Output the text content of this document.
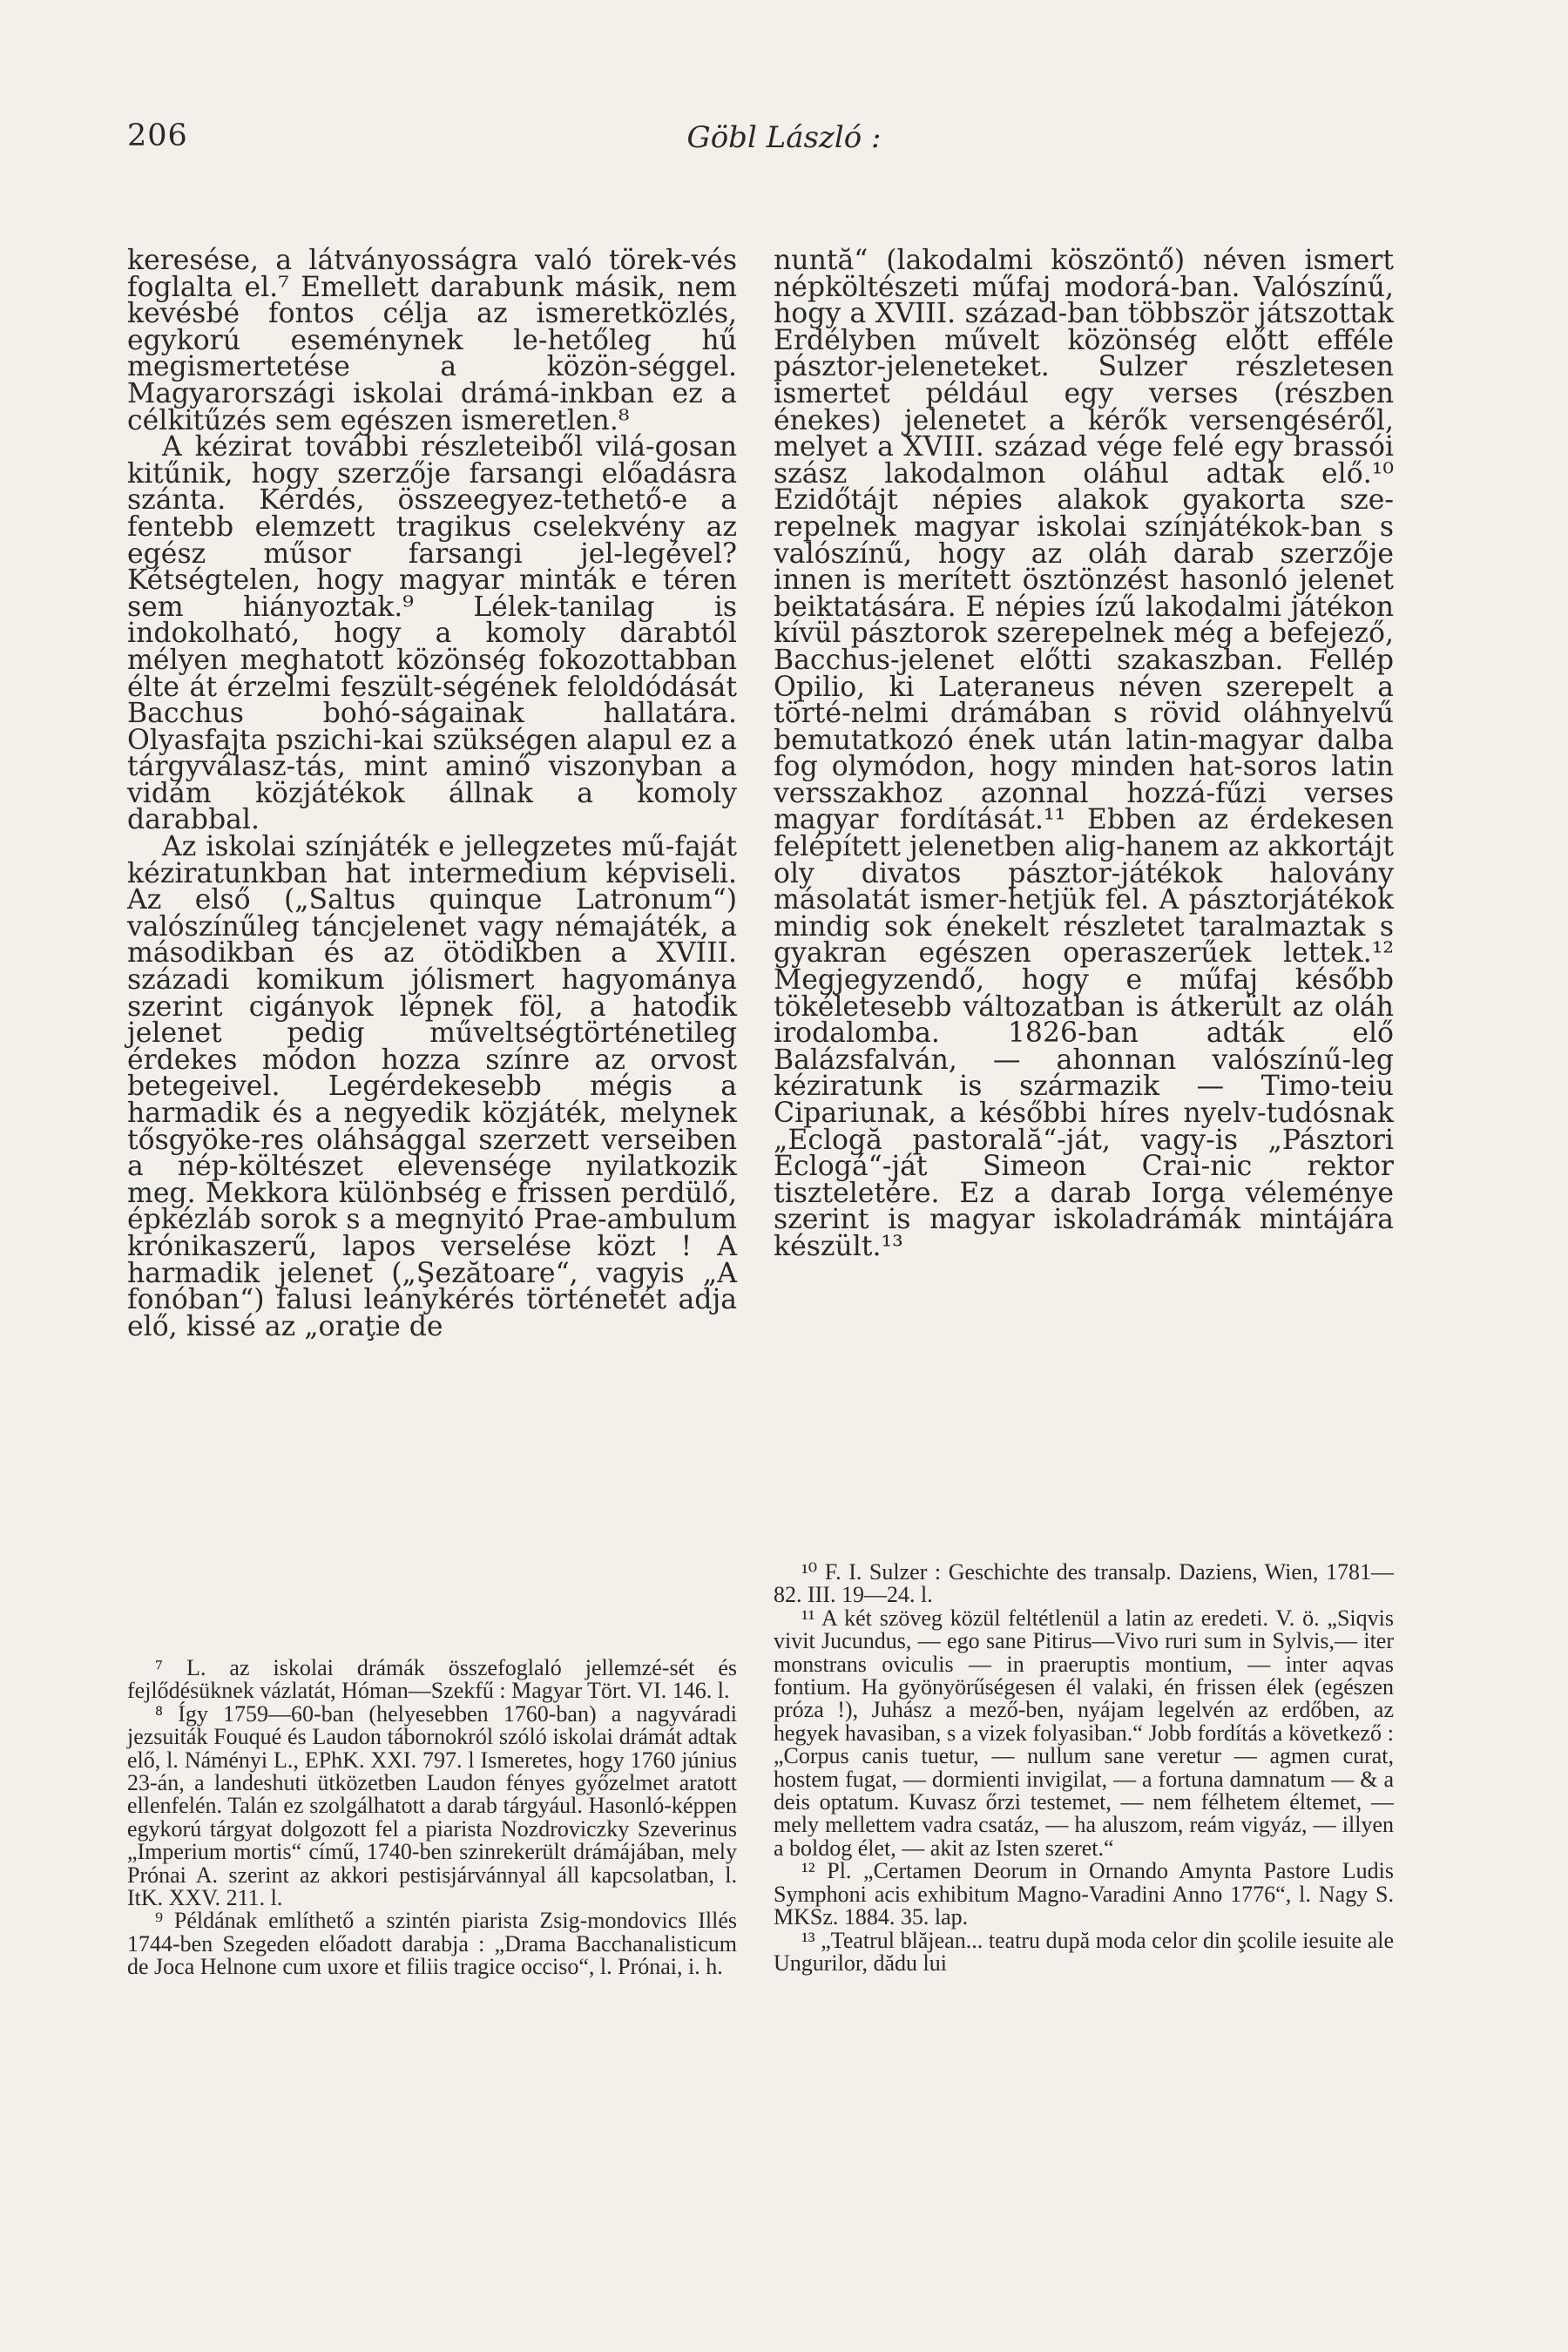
206	Göbl László :

keresése, a látványosságra való törek-vés foglalta el.⁷ Emellett darabunk másik, nem kevésbé fontos célja az ismeretközlés, egykorú eseménynek le-hetőleg hű megismertetése a közön-séggel. Magyarországi iskolai drámá-inkban ez a célkitűzés sem egészen ismeretlen.⁸

A kézirat további részleteiből vilá-gosan kitűnik, hogy szerzője farsangi előadásra szánta. Kérdés, összeegyez-tethető-e a fentebb elemzett tragikus cselekvény az egész műsor farsangi jel-legével? Kétségtelen, hogy magyar minták e téren sem hiányoztak.⁹ Lélek-tanilag is indokolható, hogy a komoly darabtól mélyen meghatott közönség fokozottabban élte át érzelmi feszült-ségének feloldódását Bacchus bohó-ságainak hallatára. Olyasfajta pszichi-kai szükségen alapul ez a tárgyválasz-tás, mint aminő viszonyban a vidám közjátékok állnak a komoly darabbal.

Az iskolai színjáték e jellegzetes mű-faját kéziratunkban hat intermedium képviseli. Az első („Saltus quinque Latronum“) valószínűleg táncjelenet vagy némajáték, a másodikban és az ötödikben a XVIII. századi komikum jólismert hagyománya szerint cigányok lépnek föl, a hatodik jelenet pedig műveltségtörténetileg érdekes módon hozza színre az orvost betegeivel. Legérdekesebb mégis a harmadik és a negyedik közjáték, melynek tősgyöke-res oláhsággal szerzett verseiben a nép-költészet elevensége nyilatkozik meg. Mekkora különbség e frissen perdülő, épkézláb sorok s a megnyitó Prae-ambulum krónikaszerű, lapos verselése közt ! A harmadik jelenet („Şezătoare“, vagyis „A fonóban“) falusi leánykérés történetét adja elő, kissé az „oraţie de

nuntă“ (lakodalmi köszöntő) néven ismert népköltészeti műfaj modorá-ban. Valószínű, hogy a XVIII. század-ban többször játszottak Erdélyben művelt közönség előtt efféle pásztor-jeleneteket. Sulzer részletesen ismertet például egy verses (részben énekes) jelenetet a kérők versengéséről, melyet a XVIII. század vége felé egy brassói szász lakodalmon oláhul adtak elő.¹⁰ Ezidőtájt népies alakok gyakorta sze-repelnek magyar iskolai színjátékok-ban s valószínű, hogy az oláh darab szerzője innen is merített ösztönzést hasonló jelenet beiktatására. E népies ízű lakodalmi játékon kívül pásztorok szerepelnek még a befejező, Bacchus-jelenet előtti szakaszban. Fellép Opilio, ki Lateraneus néven szerepelt a törté-nelmi drámában s rövid oláhnyelvű bemutatkozó ének után latin-magyar dalba fog olymódon, hogy minden hat-soros latin versszakhoz azonnal hozzá-fűzi verses magyar fordítását.¹¹ Ebben az érdekesen felépített jelenetben alig-hanem az akkortájt oly divatos pásztor-játékok halovány másolatát ismer-hetjük fel. A pásztorjátékok mindig sok énekelt részletet taralmaztak s gyakran egészen operaszerűek lettek.¹² Megjegyzendő, hogy e műfaj később tökéletesebb változatban is átkerült az oláh irodalomba. 1826-ban adták elő Balázsfalván, — ahonnan valószínű-leg kéziratunk is származik — Timo-teiu Cipariunak, a későbbi híres nyelv-tudósnak „Eclogă pastorală“-ját, vagy-is „Pásztori Eclogá“-ját Simeon Crai-nic rektor tiszteletére. Ez a darab Iorga véleménye szerint is magyar iskoladrámák mintájára készült.¹³

⁷ L. az iskolai drámák összefoglaló jellemzé-sét és fejlődésüknek vázlatát, Hóman—Szekfű : Magyar Tört. VI. 146. l.

⁸ Így 1759—60-ban (helyesebben 1760-ban) a nagyváradi jezsuiták Fouqué és Laudon tábornokról szóló iskolai drámát adtak elő, l. Náményi L., EPhK. XXI. 797. l Ismeretes, hogy 1760 június 23-án, a landeshuti ütközetben Laudon fényes győzelmet aratott ellenfelén. Talán ez szolgálhatott a darab tárgyául. Hasonló-képpen egykorú tárgyat dolgozott fel a piarista Nozdroviczky Szeverinus „Imperium mortis“ című, 1740-ben szinrekerült drámájában, mely Prónai A. szerint az akkori pestisjárvánnyal áll kapcsolatban, l. ItK. XXV. 211. l.

⁹ Példának említhető a szintén piarista Zsig-mondovics Illés 1744-ben Szegeden előadott darabja : „Drama Bacchanalisticum de Joca Helnone cum uxore et filiis tragice occiso“, l. Prónai, i. h.

¹⁰ F. I. Sulzer : Geschichte des transalp. Daziens, Wien, 1781—82. III. 19—24. l.

¹¹ A két szöveg közül feltétlenül a latin az eredeti. V. ö. „Siqvis vivit Jucundus, — ego sane Pitirus—Vivo ruri sum in Sylvis,— iter monstrans oviculis — in praeruptis montium, — inter aqvas fontium. Ha gyönyörűségesen él valaki, én frissen élek (egészen próza !), Juhász a mező-ben, nyájam legelvén az erdőben, az hegyek havasiban, s a vizek folyasiban.“ Jobb fordítás a következő : „Corpus canis tuetur, — nullum sane veretur — agmen curat, hostem fugat, — dormienti invigilat, — a fortuna damnatum — & a deis optatum. Kuvasz őrzi testemet, — nem félhetem éltemet, — mely mellettem vadra csatáz, — ha aluszom, reám vigyáz, — illyen a boldog élet, — akit az Isten szeret.“

¹² Pl. „Certamen Deorum in Ornando Amynta Pastore Ludis Symphoni acis exhibitum Magno-Varadini Anno 1776“, l. Nagy S. MKSz. 1884. 35. lap.

¹³ „Teatrul blăjean... teatru după moda celor din şcolile iesuite ale Ungurilor, dădu lui
